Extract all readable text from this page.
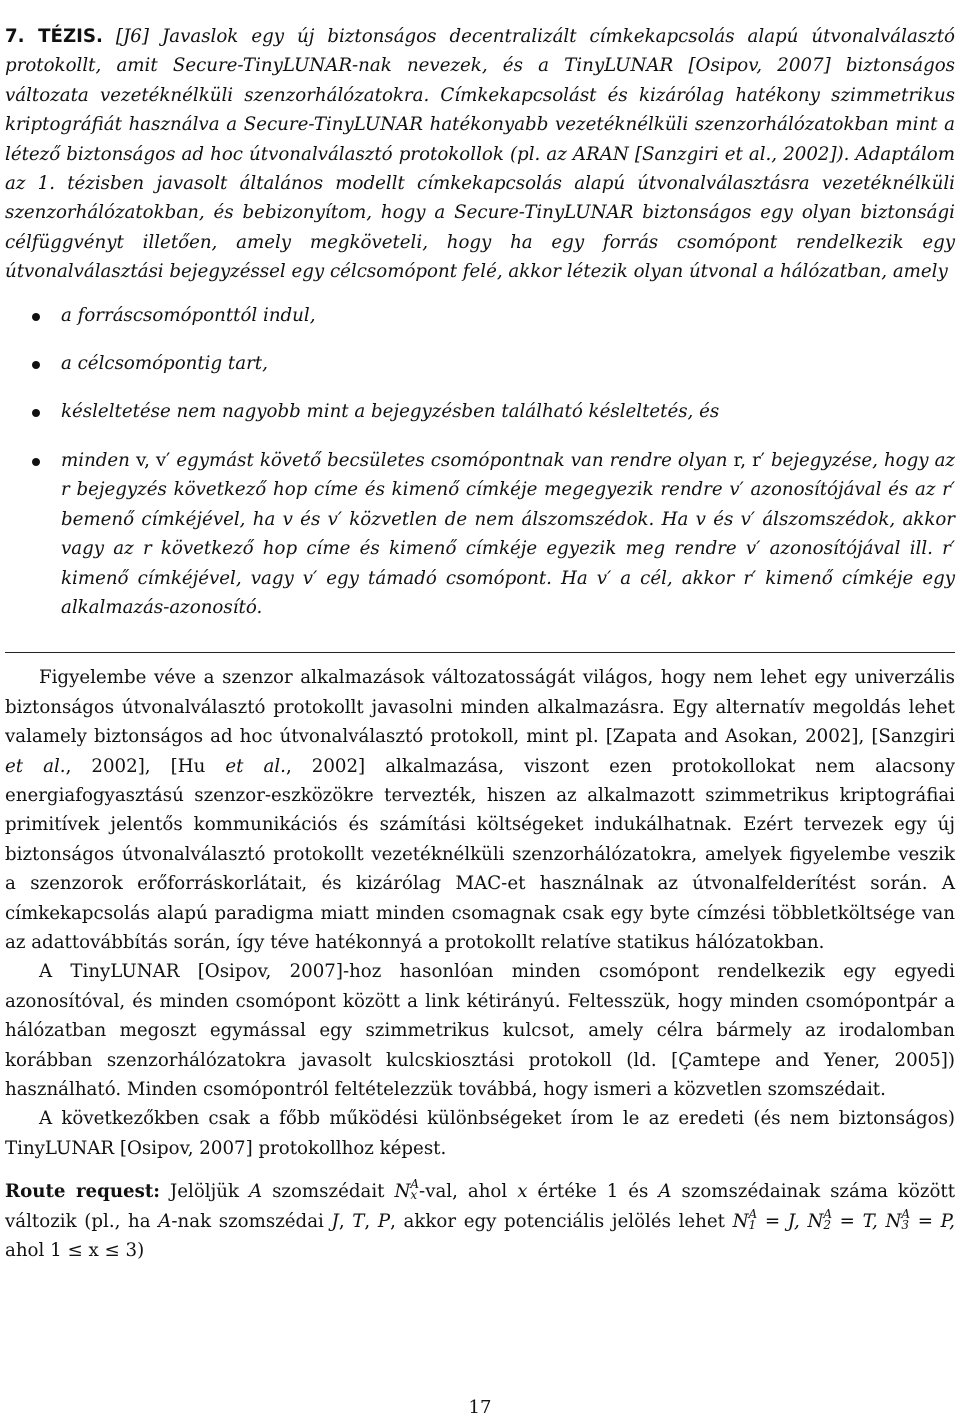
7. TÉZIS. [J6] Javaslok egy új biztonságos decentralizált címkekapcsolás alapú útvonalválasztó protokollt, amit Secure-TinyLUNAR-nak nevezek, és a TinyLUNAR [Osipov, 2007] biztonságos változata vezetéknélküli szenzorhálózatokra. Címkekapcsolást és kizárólag hatékony szimmetrikus kriptográfiát használva a Secure-TinyLUNAR hatékonyabb vezetéknélküli szenzorhálózatokban mint a létező biztonságos ad hoc útvonalválasztó protokollok (pl. az ARAN [Sanzgiri et al., 2002]). Adaptálom az 1. tézisben javasolt általános modellt címkekapcsolás alapú útvonalválasztásra vezetéknélküli szenzorhálózatokban, és bebizonyítom, hogy a Secure-TinyLUNAR biztonságos egy olyan biztonsági célfüggvényt illetően, amely megköveteli, hogy ha egy forrás csomópont rendelkezik egy útvonalválasztási bejegyzéssel egy célcsomópont felé, akkor létezik olyan útvonal a hálózatban, amely

a forráscsomóponttól indul,
a célcsomópontig tart,
késleltetése nem nagyobb mint a bejegyzésben található késleltetés, és
minden v, v′ egymást követő becsületes csomópontnak van rendre olyan r, r′ bejegyzése, hogy az r bejegyzés következő hop címe és kimenő címkéje megegyezik rendre v′ azonosítójával és az r′ bemenő címkéjével, ha v és v′ közvetlen de nem álszomszédok. Ha v és v′ álszomszédok, akkor vagy az r következő hop címe és kimenő címkéje egyezik meg rendre v′ azonosítójával ill. r′ kimenő címkéjével, vagy v′ egy támadó csomópont. Ha v′ a cél, akkor r′ kimenő címkéje egy alkalmazás-azonosító.

Figyelembe véve a szenzor alkalmazások változatosságát világos, hogy nem lehet egy univerzális biztonságos útvonalválasztó protokollt javasolni minden alkalmazásra. Egy alternatív megoldás lehet valamely biztonságos ad hoc útvonalválasztó protokoll, mint pl. [Zapata and Asokan, 2002], [Sanzgiri et al., 2002], [Hu et al., 2002] alkalmazása, viszont ezen protokollokat nem alacsony energiafogyasztású szenzor-eszközökre tervezték, hiszen az alkalmazott szimmetrikus kriptográfiai primitívek jelentős kommunikációs és számítási költségeket indukálhatnak. Ezért tervezek egy új biztonságos útvonalválasztó protokollt vezetéknélküli szenzorhálózatokra, amelyek figyelembe veszik a szenzorok erőforráskorlátait, és kizárólag MAC-et használnak az útvonalfelderítést során. A címkekapcsolás alapú paradigma miatt minden csomagnak csak egy byte címzési többletköltsége van az adattovábbítás során, így téve hatékonnyá a protokollt relatíve statikus hálózatokban.

A TinyLUNAR [Osipov, 2007]-hoz hasonlóan minden csomópont rendelkezik egy egyedi azonosítóval, és minden csomópont között a link kétirányú. Feltesszük, hogy minden csomópontpár a hálózatban megoszt egymással egy szimmetrikus kulcsot, amely célra bármely az irodalomban korábban szenzorhálózatokra javasolt kulcskiosztási protokoll (ld. [Çamtepe and Yener, 2005]) használható. Minden csomópontról feltételezzük továbbá, hogy ismeri a közvetlen szomszédait.

A következőkben csak a főbb működési különbségeket írom le az eredeti (és nem biztonságos) TinyLUNAR [Osipov, 2007] protokollhoz képest.

Route request: Jelöljük A szomszédait N A
x -val, ahol x értéke 1 és A szomszédainak száma között változik (pl., ha A-nak szomszédai J, T, P, akkor egy potenciális jelölés lehet N A
1 = J, N A
2 = T, N A
3 = P, ahol 1 ≤ x ≤ 3)

17
